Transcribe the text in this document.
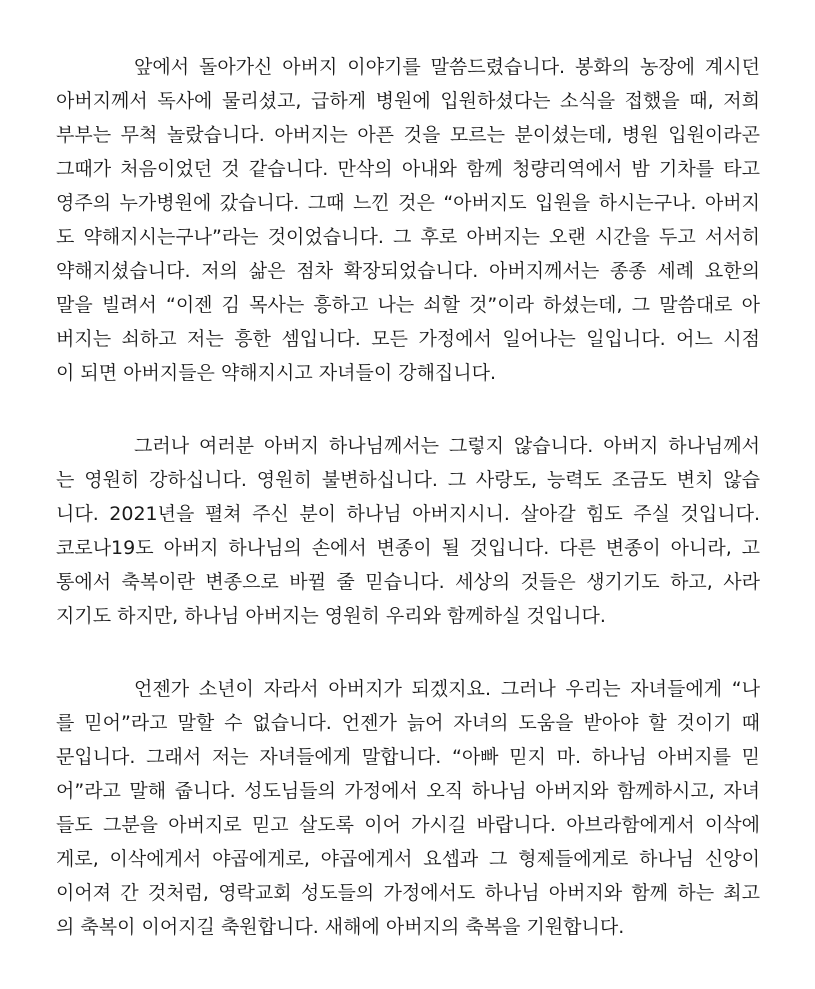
앞에서 돌아가신 아버지 이야기를 말씀드렸습니다. 봉화의 농장에 계시던
아버지께서 독사에 물리셨고, 급하게 병원에 입원하셨다는 소식을 접했을 때, 저희
부부는 무척 놀랐습니다. 아버지는 아픈 것을 모르는 분이셨는데, 병원 입원이라곤
그때가 처음이었던 것 같습니다. 만삭의 아내와 함께 청량리역에서 밤 기차를 타고
영주의 누가병원에 갔습니다. 그때 느낀 것은 “아버지도 입원을 하시는구나. 아버지
도 약해지시는구나”라는 것이었습니다. 그 후로 아버지는 오랜 시간을 두고 서서히
약해지셨습니다. 저의 삶은 점차 확장되었습니다. 아버지께서는 종종 세례 요한의
말을 빌려서 “이젠 김 목사는 흥하고 나는 쇠할 것”이라 하셨는데, 그 말씀대로 아
버지는 쇠하고 저는 흥한 셈입니다. 모든 가정에서 일어나는 일입니다. 어느 시점
이 되면 아버지들은 약해지시고 자녀들이 강해집니다.
그러나 여러분 아버지 하나님께서는 그렇지 않습니다. 아버지 하나님께서
는 영원히 강하십니다. 영원히 불변하십니다. 그 사랑도, 능력도 조금도 변치 않습
니다. 2021년을 펼쳐 주신 분이 하나님 아버지시니. 살아갈 힘도 주실 것입니다.
코로나19도 아버지 하나님의 손에서 변종이 될 것입니다. 다른 변종이 아니라, 고
통에서 축복이란 변종으로 바뀔 줄 믿습니다. 세상의 것들은 생기기도 하고, 사라
지기도 하지만, 하나님 아버지는 영원히 우리와 함께하실 것입니다.
언젠가 소년이 자라서 아버지가 되겠지요. 그러나 우리는 자녀들에게 “나
를 믿어”라고 말할 수 없습니다. 언젠가 늙어 자녀의 도움을 받아야 할 것이기 때
문입니다. 그래서 저는 자녀들에게 말합니다. “아빠 믿지 마. 하나님 아버지를 믿
어”라고 말해 줍니다. 성도님들의 가정에서 오직 하나님 아버지와 함께하시고, 자녀
들도 그분을 아버지로 믿고 살도록 이어 가시길 바랍니다. 아브라함에게서 이삭에
게로, 이삭에게서 야곱에게로, 야곱에게서 요셉과 그 형제들에게로 하나님 신앙이
이어져 간 것처럼, 영락교회 성도들의 가정에서도 하나님 아버지와 함께 하는 최고
의 축복이 이어지길 축원합니다. 새해에 아버지의 축복을 기원합니다.
